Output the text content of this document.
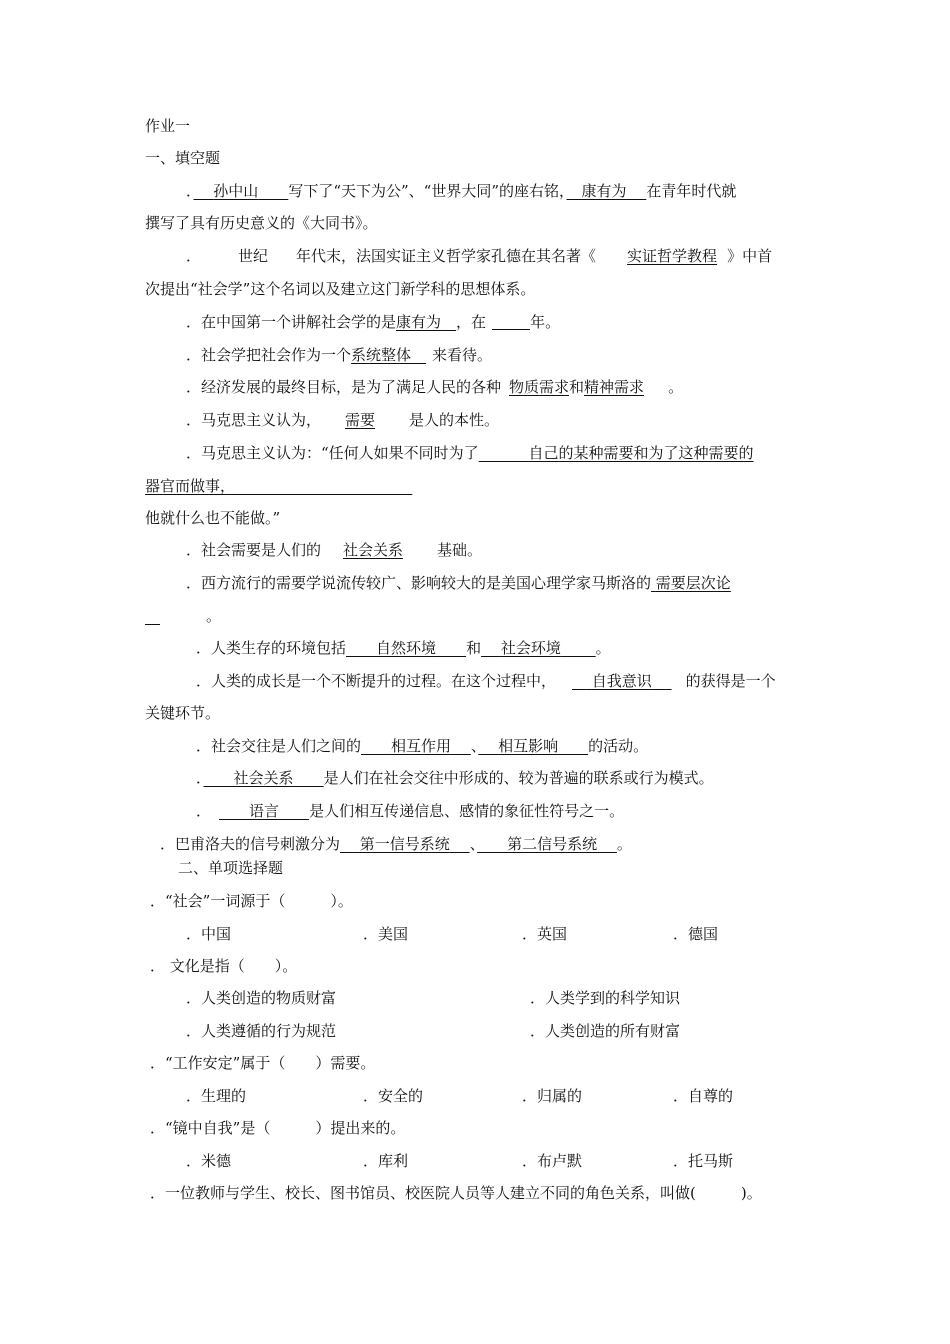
作业一
一、填空题
．　 孙中山　　 写下了“天下为公”、“世界大同”的座右铭，　 康有为　 在青年时代就
撰写了具有历史意义的《大同书》。
． 世纪 年代末，法国实证主义哲学家孔德在其名著《 实证哲学教程 》中首
次提出“社会学”这个名词以及建立这门新学科的思想体系。
．在中国第一个讲解社会学的是康有为　 ，在	年。
．社会学把社会作为一个系统整体　 来看待。
．经济发展的最终目标，是为了满足人民的各种 物质需求和精神需求 。
．马克思主义认为， 需要 是人的本性。
．马克思主义认为：“任何人如果不同时为了　　　	自己的某种需要和为了这种需要的
器官而做事，　　　　　　　　　　　　
他就什么也不能做。”
．社会需要是人们的 社会关系 基础。
．西方流行的需要学说流传较广、影响较大的是美国心理学家马斯洛的 需要层次论
　。
．人类生存的环境包括　　 自然环境　　 和　 社会环境　　 。
．人类的成长是一个不断提升的过程。在这个过程中，　 自我意识　 的获得是一个
关键环节。
．社会交往是人们之间的　　 相互作用　 、　 相互影响　　 的活动。
．　　 社会关系　　 是人们在社会交往中形成的、较为普遍的联系或行为模式。
．　　	语言　　 是人们相互传递信息、感情的象征性符号之一。
．巴甫洛夫的信号刺激分为　 第一信号系统　 、　　 第二信号系统　 。
二、单项选择题
．“社会”一词源于（　　　）。
．中国	．美国	．英国	．德国
． 文化是指（　　）。
．人类创造的物质财富	．人类学到的科学知识
．人类遵循的行为规范	．人类创造的所有财富
．“工作安定”属于（　　）需要。
．生理的	．安全的	．归属的	．自尊的
．“镜中自我”是（　　　）提出来的。
．米德	．库利	．布卢默	．托马斯
．一位教师与学生、校长、图书馆员、校医院人员等人建立不同的角色关系，叫做(　　　)。
